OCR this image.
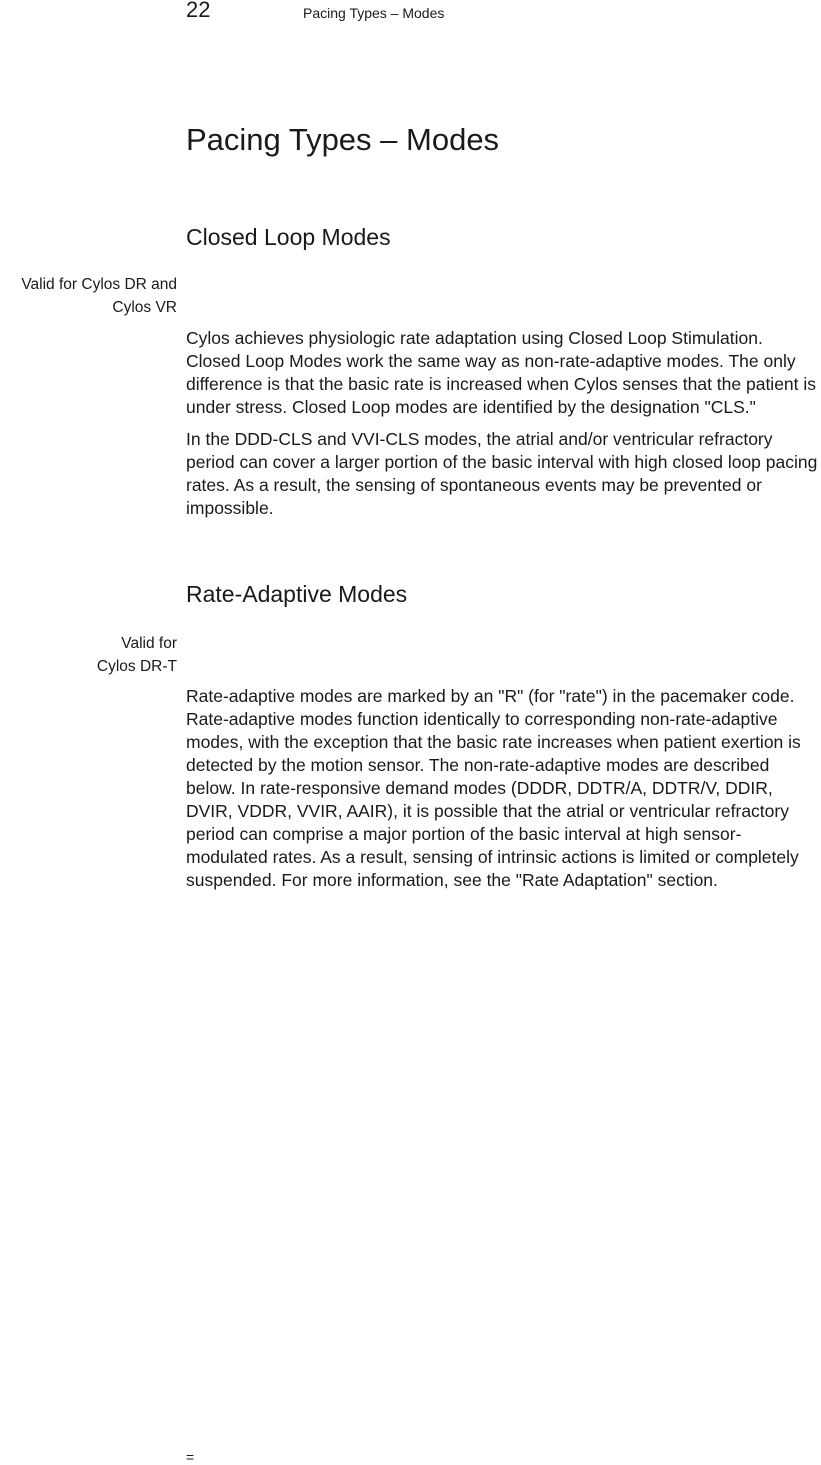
22	Pacing Types – Modes
Pacing Types – Modes
Closed Loop Modes
Valid for Cylos DR and
Cylos VR

Cylos achieves physiologic rate adaptation using Closed Loop Stimulation. Closed Loop Modes work the same way as non-rate-adaptive modes. The only difference is that the basic rate is increased when Cylos senses that the patient is under stress. Closed Loop modes are identified by the designation "CLS."

In the DDD-CLS and VVI-CLS modes, the atrial and/or ventricular refractory period can cover a larger portion of the basic interval with high closed loop pacing rates. As a result, the sensing of spontaneous events may be prevented or impossible.

Rate-Adaptive Modes
Valid for
Cylos DR-T

Rate-adaptive modes are marked by an "R" (for "rate") in the pacemaker code. Rate-adaptive modes function identically to corresponding non-rate-adaptive modes, with the exception that the basic rate increases when patient exertion is detected by the motion sensor. The non-rate-adaptive modes are described below. In rate-responsive demand modes (DDDR, DDTR/A, DDTR/V, DDIR, DVIR, VDDR, VVIR, AAIR), it is possible that the atrial or ventricular refractory period can comprise a major portion of the basic interval at high sensor-modulated rates. As a result, sensing of intrinsic actions is limited or completely suspended. For more information, see the "Rate Adaptation" section.

=
